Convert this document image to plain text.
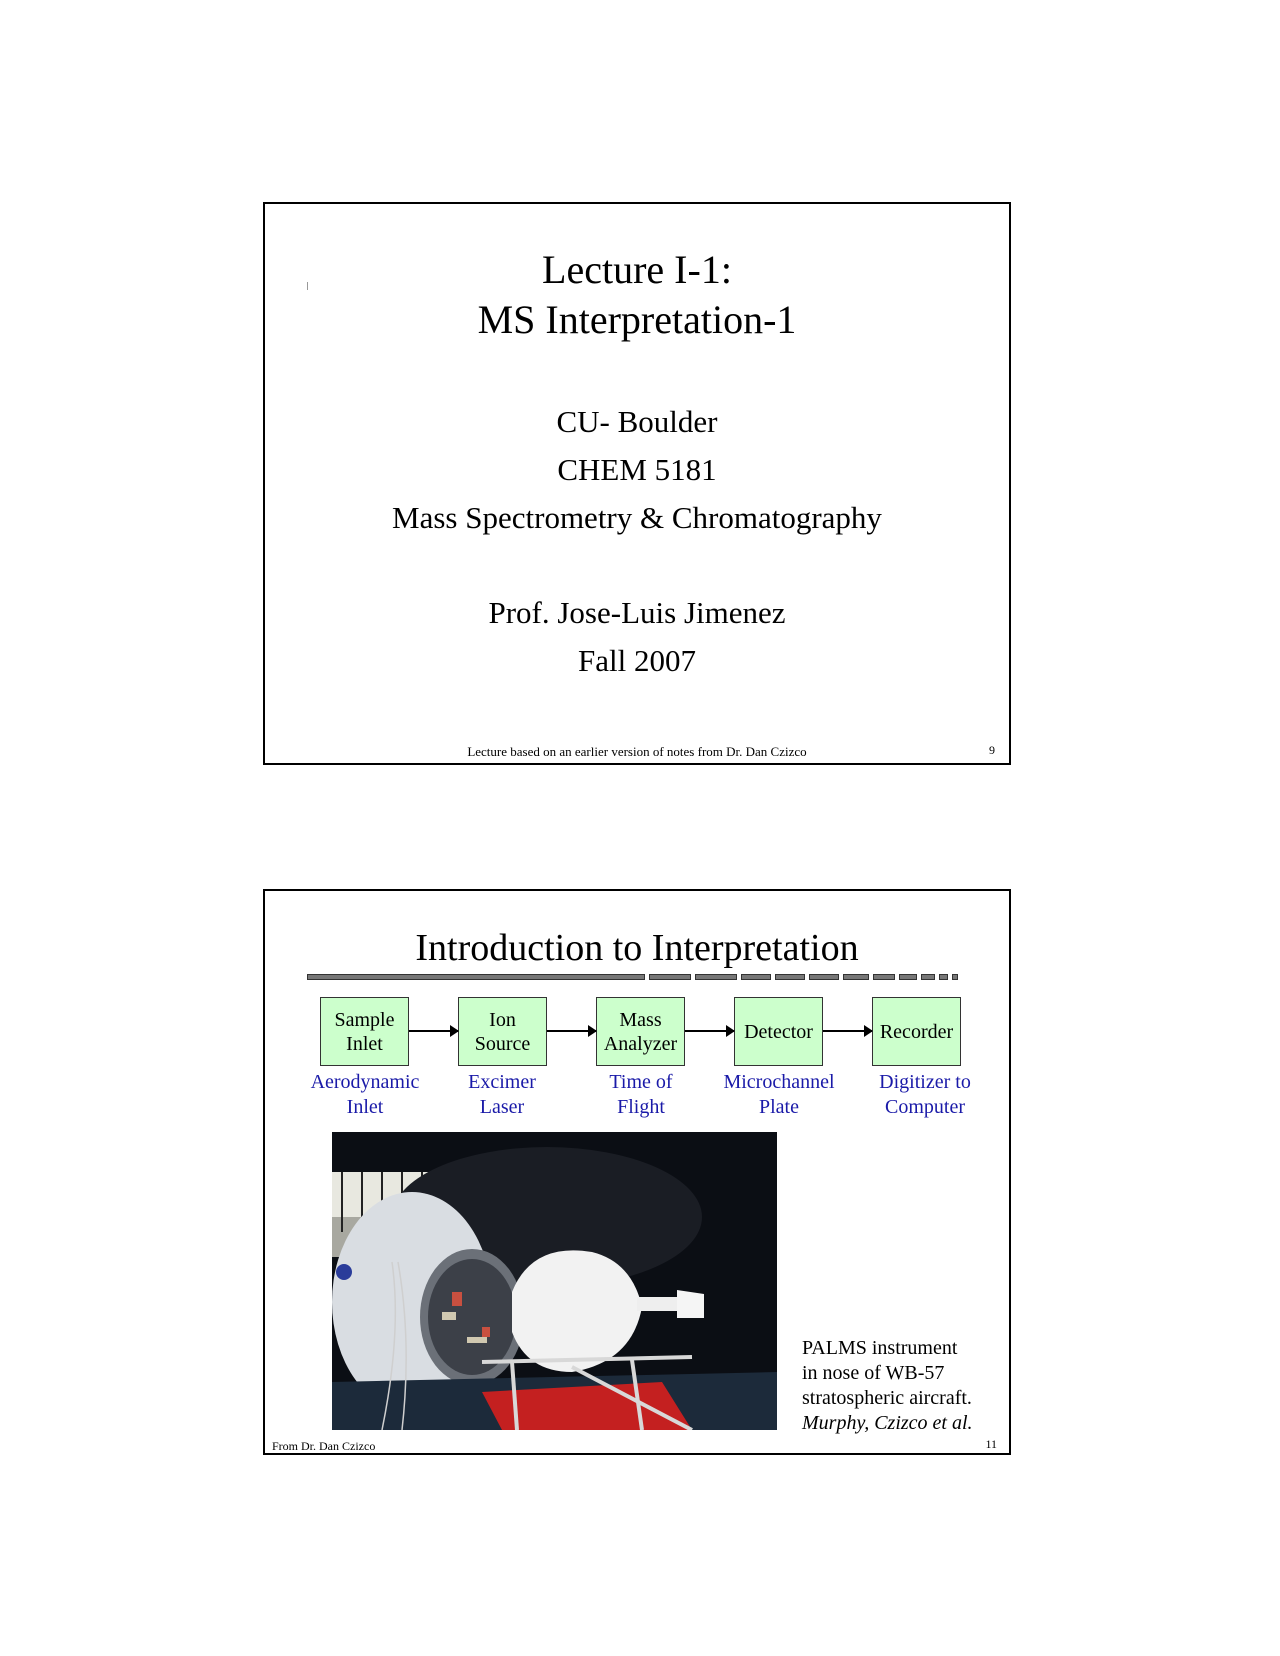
Lecture I-1:
MS Interpretation-1
CU- Boulder
CHEM 5181
Mass Spectrometry & Chromatography
Prof. Jose-Luis Jimenez
Fall 2007
Lecture based on an earlier version of notes from Dr. Dan Czizco	9
Introduction to Interpretation
Sample
Inlet
Ion
Source
Mass
Analyzer
Detector	Recorder
Aerodynamic
Inlet
Excimer
Laser
Time of
Flight
Microchannel
Plate
Digitizer to
Computer
PALMS instrument
in nose of WB-57
stratospheric aircraft.
Murphy, Czizco et al.
From Dr. Dan Czizco	11
